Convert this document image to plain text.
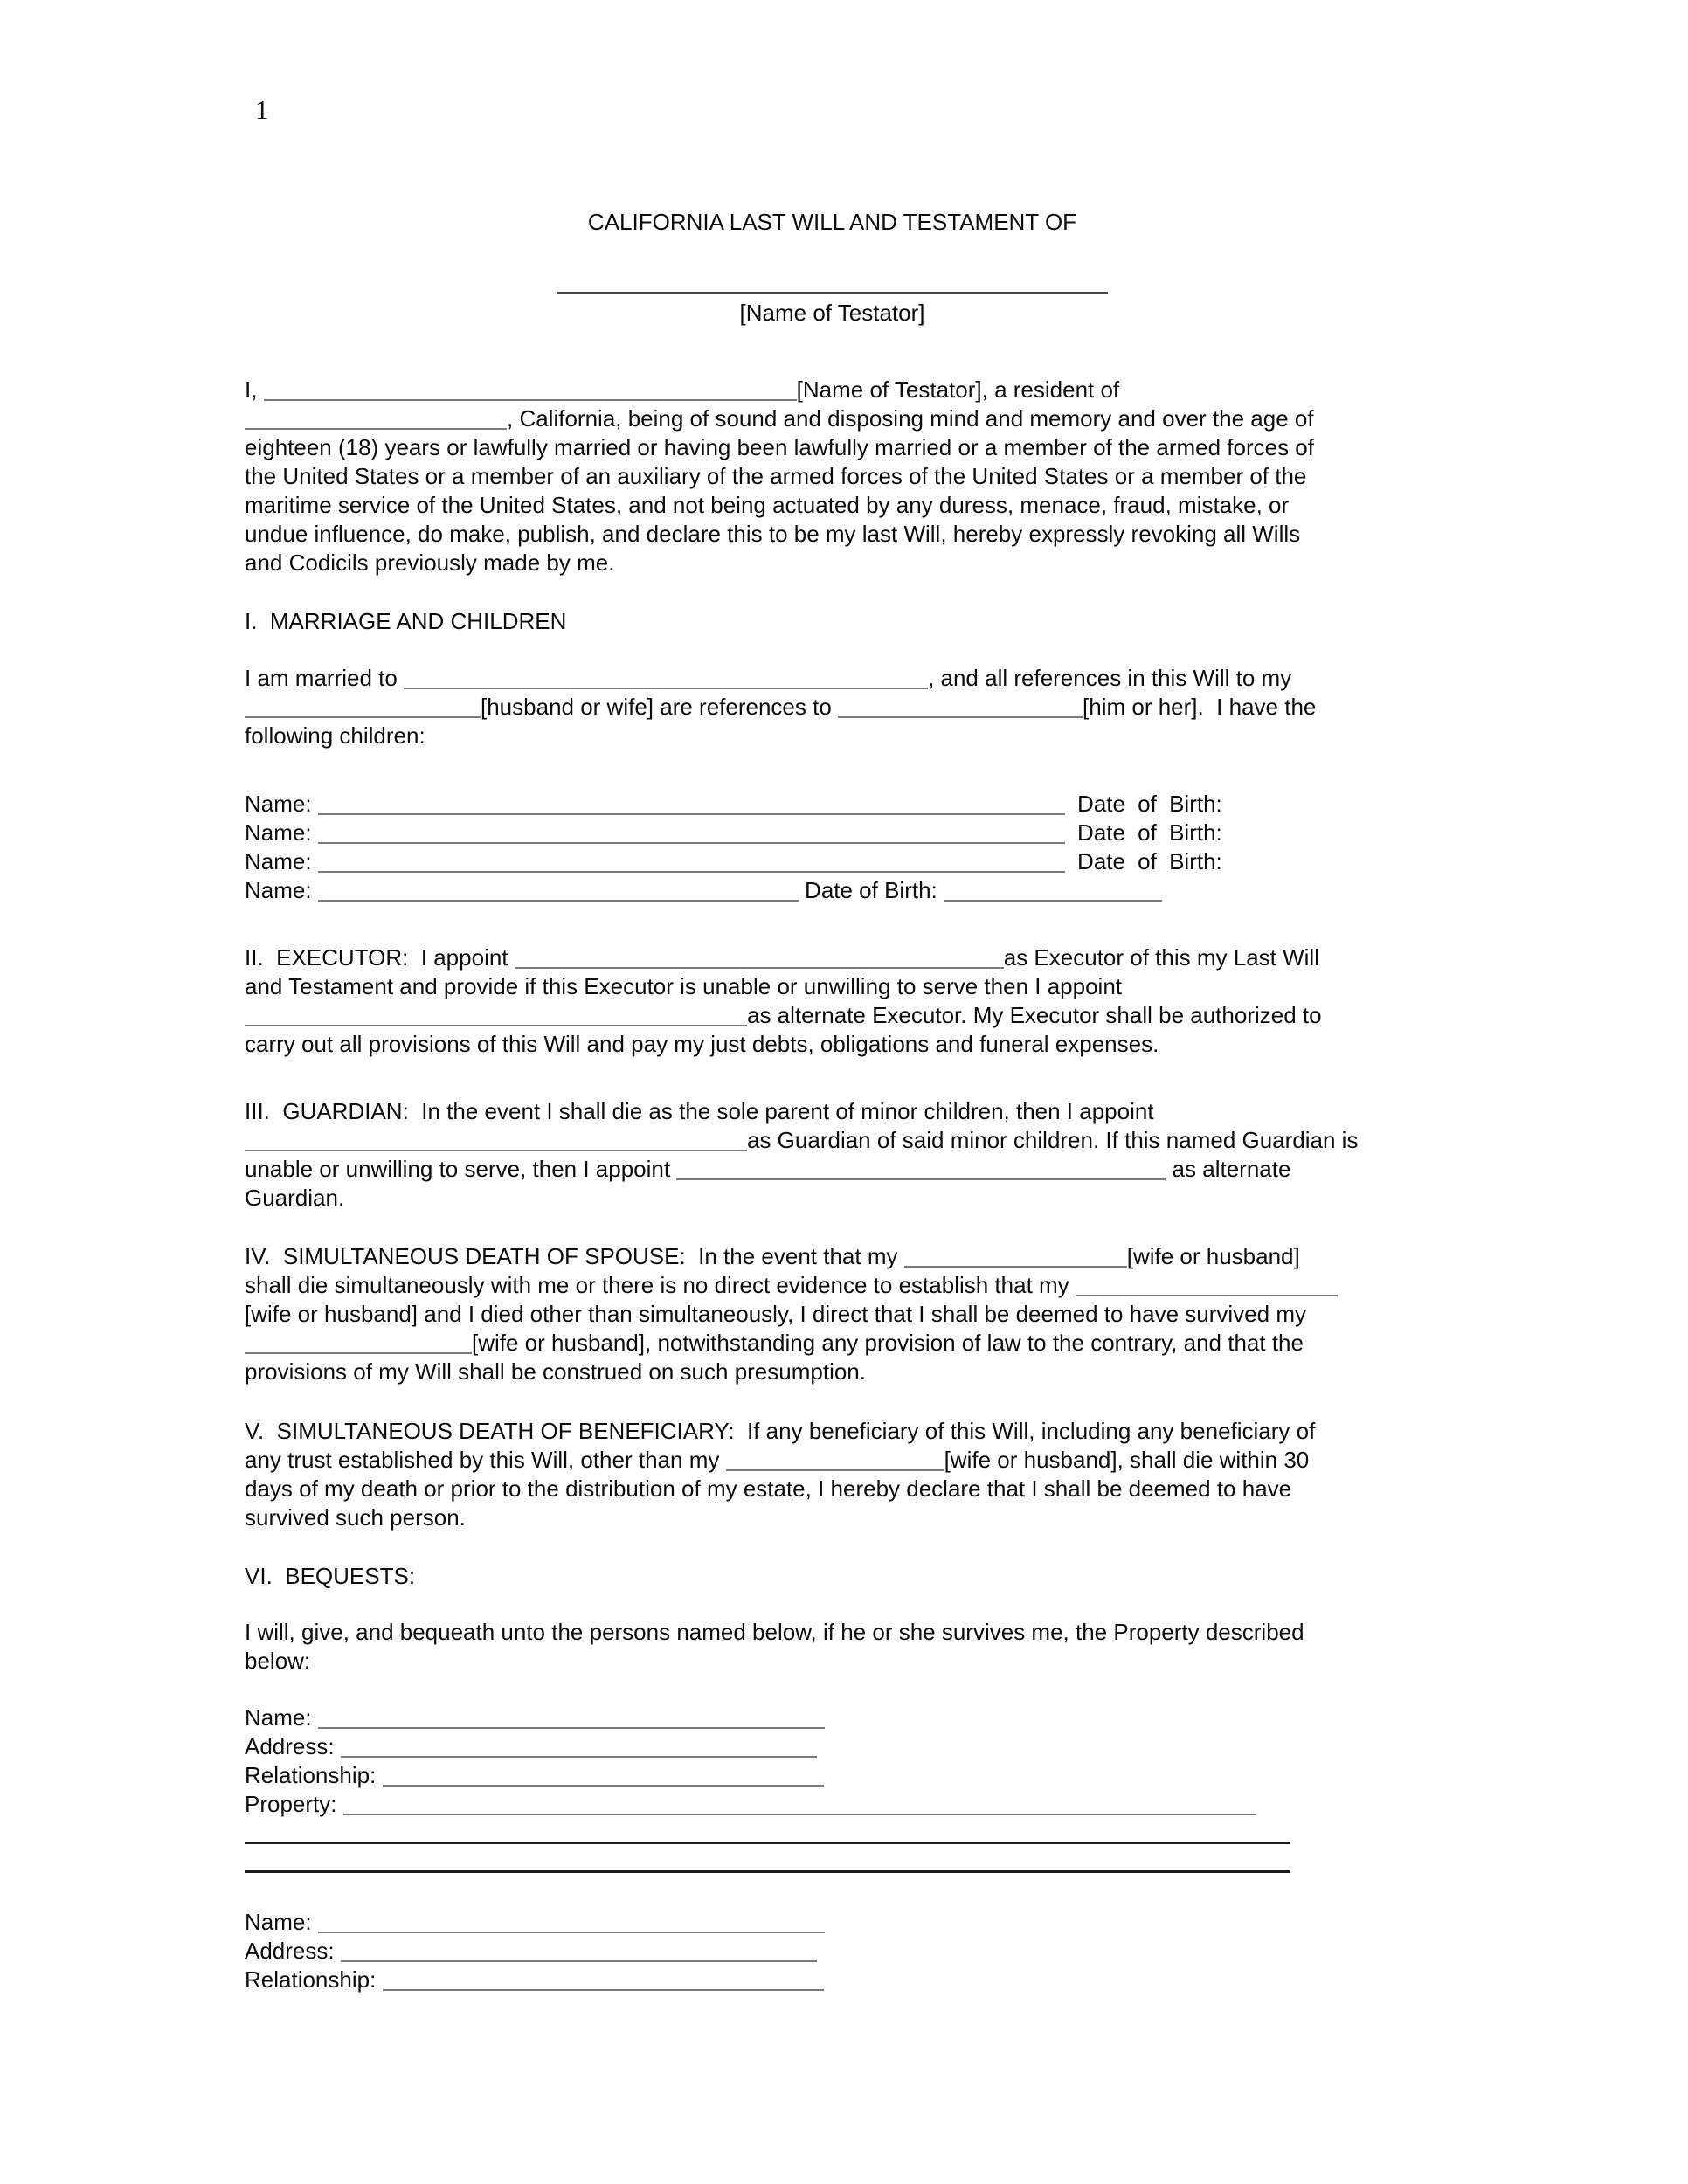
1
CALIFORNIA LAST WILL AND TESTAMENT OF
[Name of Testator]
I,	[Name of Testator], a resident of
, California, being of sound and disposing mind and memory and over the age of
eighteen (18) years or lawfully married or having been lawfully married or a member of the armed forces of
the United States or a member of an auxiliary of the armed forces of the United States or a member of the
maritime service of the United States, and not being actuated by any duress, menace, fraud, mistake, or
undue influence, do make, publish, and declare this to be my last Will, hereby expressly revoking all Wills
and Codicils previously made by me.
I.  MARRIAGE AND CHILDREN
I am married to	, and all references in this Will to my
[husband or wife] are references to	[him or her].  I have the
following children:
Name:	Date of Birth:
Name:	Date of Birth:
Name:	Date of Birth:
Name:	Date of Birth:
II.  EXECUTOR:  I appoint	as Executor of this my Last Will
and Testament and provide if this Executor is unable or unwilling to serve then I appoint
as alternate Executor. My Executor shall be authorized to
carry out all provisions of this Will and pay my just debts, obligations and funeral expenses.
III.  GUARDIAN:  In the event I shall die as the sole parent of minor children, then I appoint
as Guardian of said minor children. If this named Guardian is
unable or unwilling to serve, then I appoint	as alternate
Guardian.
IV.  SIMULTANEOUS DEATH OF SPOUSE:  In the event that my	[wife or husband]
shall die simultaneously with me or there is no direct evidence to establish that my
[wife or husband] and I died other than simultaneously, I direct that I shall be deemed to have survived my
[wife or husband], notwithstanding any provision of law to the contrary, and that the
provisions of my Will shall be construed on such presumption.
V.  SIMULTANEOUS DEATH OF BENEFICIARY:  If any beneficiary of this Will, including any beneficiary of
any trust established by this Will, other than my	[wife or husband], shall die within 30
days of my death or prior to the distribution of my estate, I hereby declare that I shall be deemed to have
survived such person.
VI.  BEQUESTS:
I will, give, and bequeath unto the persons named below, if he or she survives me, the Property described
below:
Name:
Address:
Relationship:
Property:
Name:
Address:
Relationship:
